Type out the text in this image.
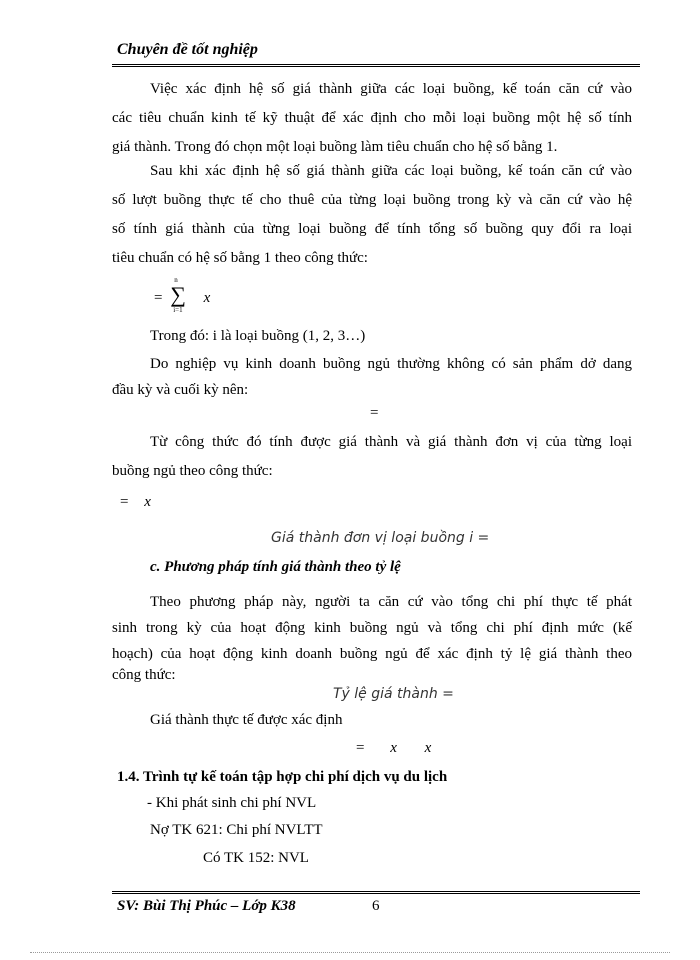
Chuyên đề tốt nghiệp
Việc xác định hệ số giá thành giữa các loại buồng, kế toán căn cứ vào
các tiêu chuẩn kinh tế kỹ thuật để xác định cho mỗi loại buồng một hệ số tính
giá thành. Trong đó chọn một loại buồng làm tiêu chuẩn cho hệ số bằng 1.
Sau khi xác định hệ số giá thành giữa các loại buồng, kế toán căn cứ vào
số lượt buồng thực tế cho thuê của từng loại buồng trong kỳ và căn cứ vào hệ
số tính giá thành của từng loại buồng để tính tổng số buồng quy đổi ra loại
tiêu chuẩn có hệ số bằng 1 theo công thức:
=
n
∑
i=1
x
Trong đó: i là loại buồng (1, 2, 3…)
Do nghiệp vụ kinh doanh buồng ngủ thường không có sản phẩm dở dang
đầu kỳ và cuối kỳ nên:
=
Từ công thức đó tính được giá thành và giá thành đơn vị của từng loại
buồng ngủ theo công thức:
= x
Giá thành đơn vị loại buồng i =
c. Phương pháp tính giá thành theo tỷ lệ
Theo phương pháp này, người ta căn cứ vào tổng chi phí thực tế phát
sinh trong kỳ của hoạt động kinh buồng ngủ và tổng chi phí định mức (kế
hoạch) của hoạt động kinh doanh buồng ngủ để xác định tỷ lệ giá thành theo
công thức:
Tỷ lệ giá thành =
Giá thành thực tế được xác định
= x x
1.4. Trình tự kế toán tập hợp chi phí dịch vụ du lịch
- Khi phát sinh chi phí NVL
Nợ TK 621: Chi phí NVLTT
Có TK 152: NVL
SV: Bùi Thị Phúc – Lớp K38	6
